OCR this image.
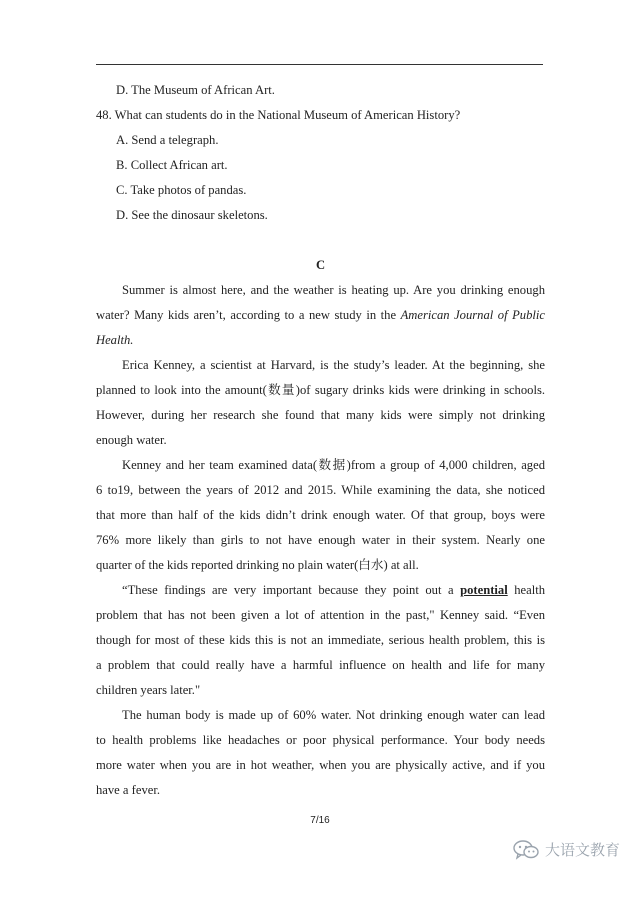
D. The Museum of African Art.
48. What can students do in the National Museum of American History?
A. Send a telegraph.
B. Collect African art.
C. Take photos of pandas.
D. See the dinosaur skeletons.
C
Summer is almost here, and the weather is heating up. Are you drinking enough
water? Many kids aren’t, according to a new study in the American Journal of Public
Health.
Erica Kenney, a scientist at Harvard, is the study’s leader. At the beginning, she
planned to look into the amount(数量)of sugary drinks kids were drinking in schools.
However, during her research she found that many kids were simply not drinking
enough water.
Kenney and her team examined data(数据)from a group of 4,000 children, aged
6 to19, between the years of 2012 and 2015. While examining the data, she noticed
that more than half of the kids didn’t drink enough water. Of that group, boys were
76% more likely than girls to not have enough water in their system. Nearly one
quarter of the kids reported drinking no plain water(白水) at all.
“These findings are very important because they point out a potential health
problem that has not been given a lot of attention in the past," Kenney said. “Even
though for most of these kids this is not an immediate, serious health problem, this is
a problem that could really have a harmful influence on health and life for many
children years later."
The human body is made up of 60% water. Not drinking enough water can lead
to health problems like headaches or poor physical performance. Your body needs
more water when you are in hot weather, when you are physically active, and if you
have a fever.
7/16
大语文教育
